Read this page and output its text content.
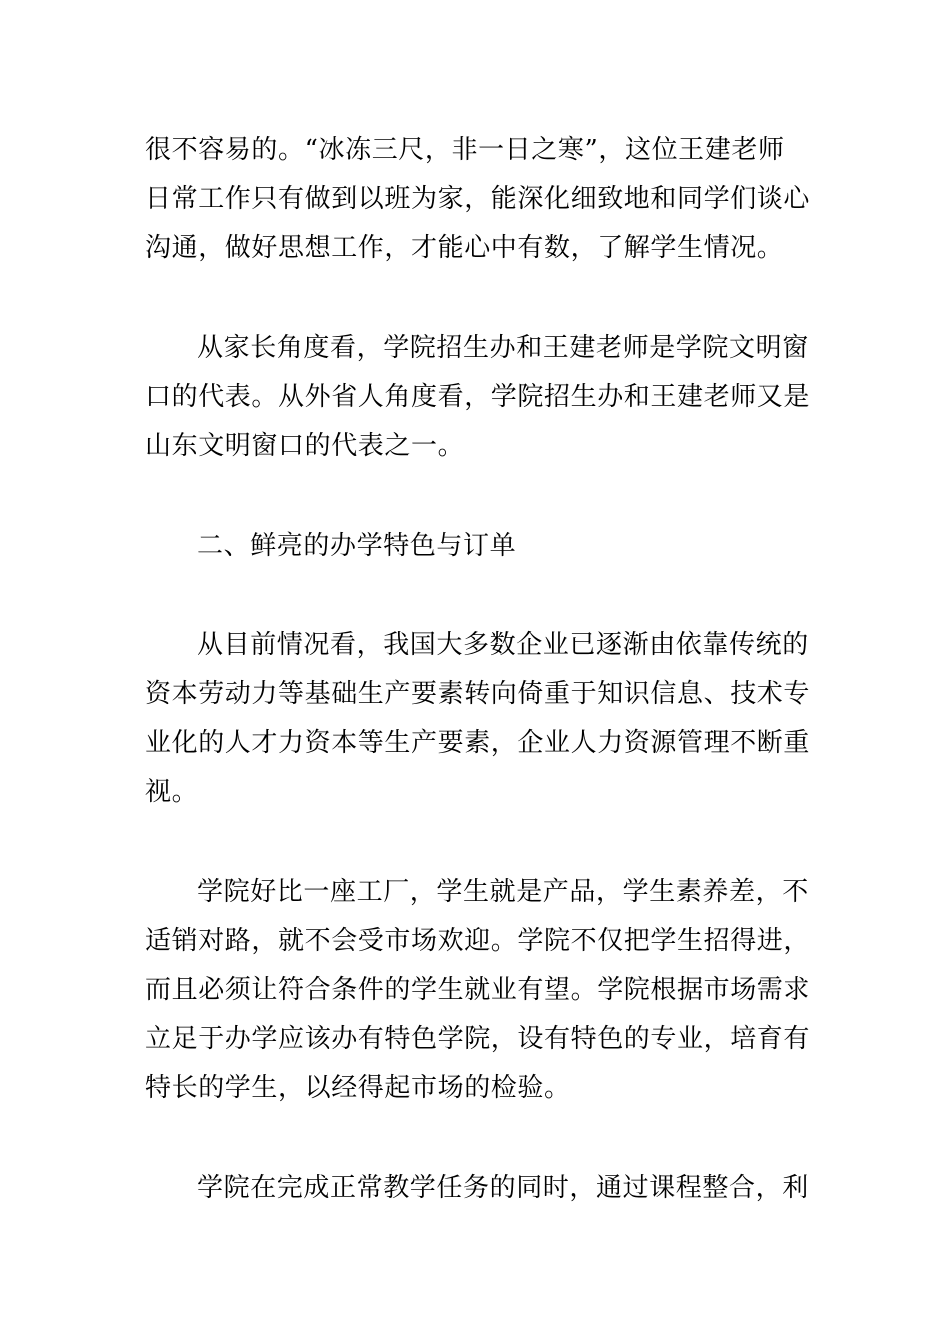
很不容易的。“冰冻三尺，非一日之寒”，这位王建老师
日常工作只有做到以班为家，能深化细致地和同学们谈心
沟通，做好思想工作，才能心中有数，了解学生情况。
从家长角度看，学院招生办和王建老师是学院文明窗
口的代表。从外省人角度看，学院招生办和王建老师又是
山东文明窗口的代表之一。
二、鲜亮的办学特色与订单
从目前情况看，我国大多数企业已逐渐由依靠传统的
资本劳动力等基础生产要素转向倚重于知识信息、技术专
业化的人才力资本等生产要素，企业人力资源管理不断重
视。
学院好比一座工厂，学生就是产品，学生素养差，不
适销对路，就不会受市场欢迎。学院不仅把学生招得进，
而且必须让符合条件的学生就业有望。学院根据市场需求
立足于办学应该办有特色学院，设有特色的专业，培育有
特长的学生，以经得起市场的检验。
学院在完成正常教学任务的同时，通过课程整合，利
